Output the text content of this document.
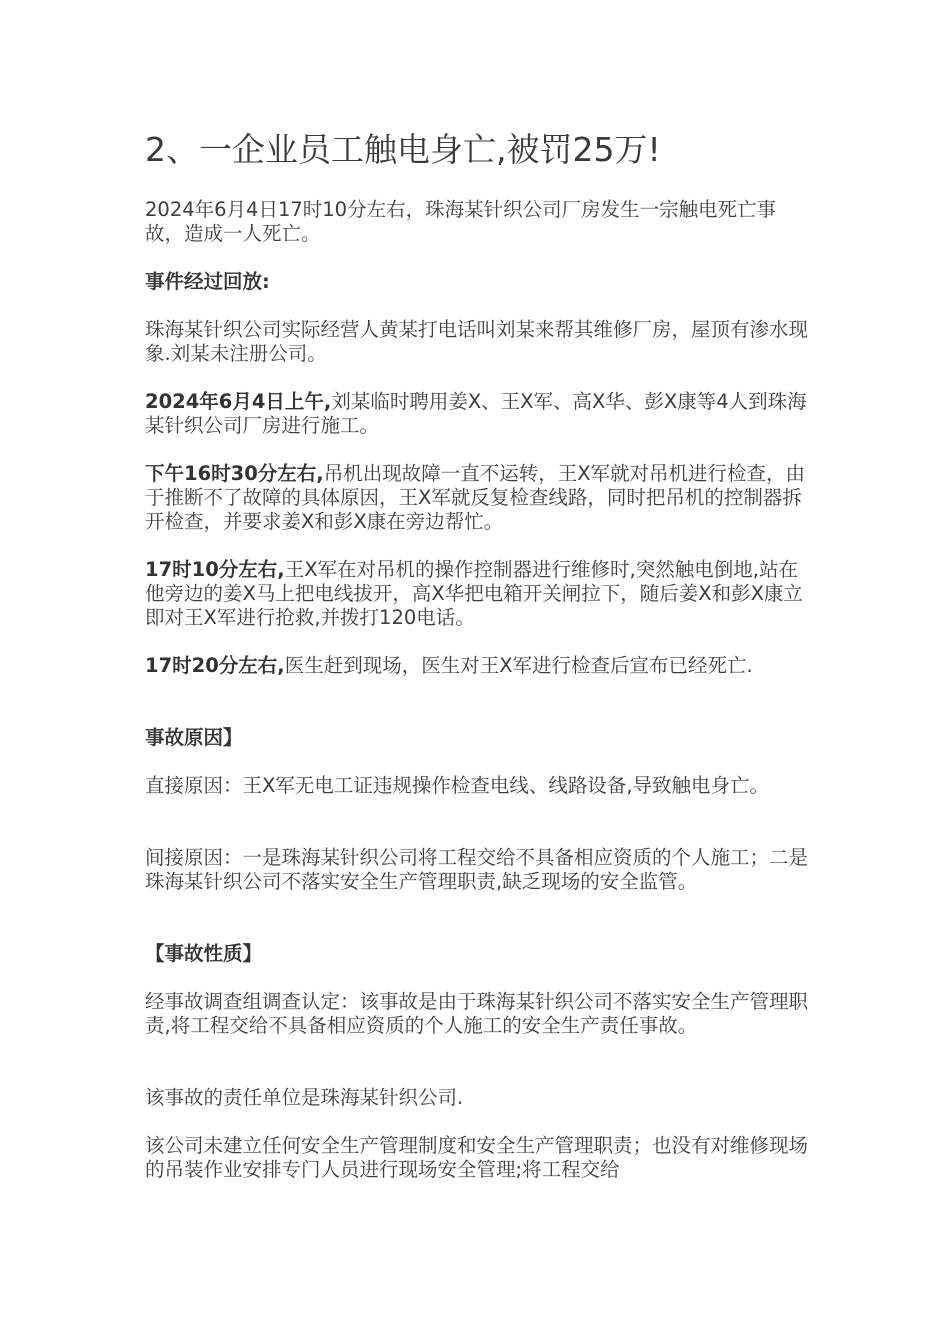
2、一企业员工触电身亡,被罚25万!

2024年6月4日17时10分左右，珠海某针织公司厂房发生一宗触电死亡事故，造成一人死亡。

事件经过回放:

珠海某针织公司实际经营人黄某打电话叫刘某来帮其维修厂房，屋顶有渗水现象.刘某未注册公司。

2024年6月4日上午,刘某临时聘用姜X、王X军、高X华、彭X康等4人到珠海某针织公司厂房进行施工。

下午16时30分左右,吊机出现故障一直不运转，王X军就对吊机进行检查，由于推断不了故障的具体原因，王X军就反复检查线路，同时把吊机的控制器拆开检查，并要求姜X和彭X康在旁边帮忙。

17时10分左右,王X军在对吊机的操作控制器进行维修时,突然触电倒地,站在他旁边的姜X马上把电线拔开，高X华把电箱开关闸拉下，随后姜X和彭X康立即对王X军进行抢救,并拨打120电话。

17时20分左右,医生赶到现场，医生对王X军进行检查后宣布已经死亡.

事故原因】

直接原因：王X军无电工证违规操作检查电线、线路设备,导致触电身亡。

间接原因：一是珠海某针织公司将工程交给不具备相应资质的个人施工；二是珠海某针织公司不落实安全生产管理职责,缺乏现场的安全监管。

【事故性质】

经事故调查组调查认定：该事故是由于珠海某针织公司不落实安全生产管理职责,将工程交给不具备相应资质的个人施工的安全生产责任事故。

该事故的责任单位是珠海某针织公司.

该公司未建立任何安全生产管理制度和安全生产管理职责；也没有对维修现场的吊装作业安排专门人员进行现场安全管理;将工程交给
